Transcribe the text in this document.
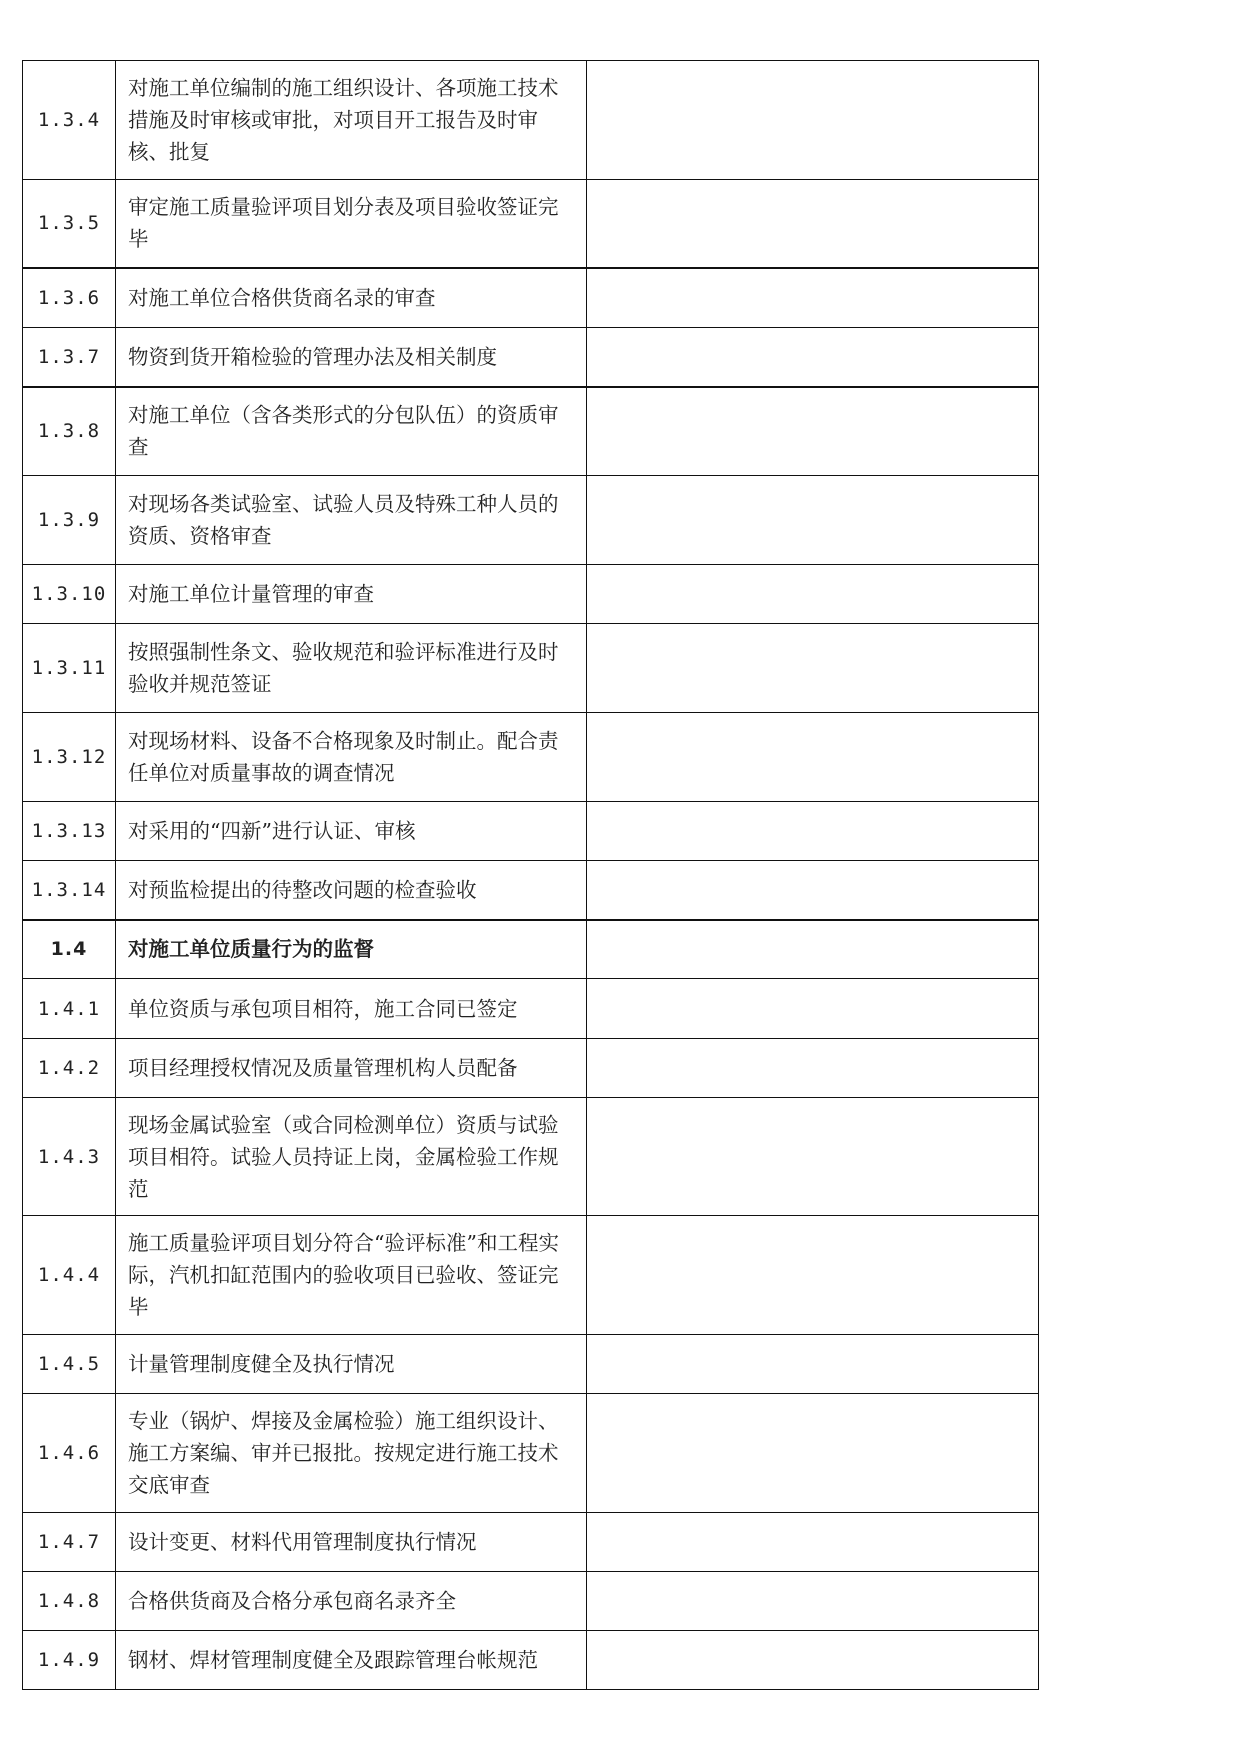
1.3.4	对施工单位编制的施工组织设计、各项施工技术措施及时审核或审批，对项目开工报告及时审核、批复	
1.3.5	审定施工质量验评项目划分表及项目验收签证完毕	
1.3.6	对施工单位合格供货商名录的审查	
1.3.7	物资到货开箱检验的管理办法及相关制度	
1.3.8	对施工单位（含各类形式的分包队伍）的资质审查	
1.3.9	对现场各类试验室、试验人员及特殊工种人员的资质、资格审查	
1.3.10	对施工单位计量管理的审查	
1.3.11	按照强制性条文、验收规范和验评标准进行及时验收并规范签证	
1.3.12	对现场材料、设备不合格现象及时制止。配合责任单位对质量事故的调查情况	
1.3.13	对采用的“四新”进行认证、审核	
1.3.14	对预监检提出的待整改问题的检查验收	
1.4	对施工单位质量行为的监督	
1.4.1	单位资质与承包项目相符，施工合同已签定	
1.4.2	项目经理授权情况及质量管理机构人员配备	
1.4.3	现场金属试验室（或合同检测单位）资质与试验项目相符。试验人员持证上岗，金属检验工作规范	
1.4.4	施工质量验评项目划分符合“验评标准”和工程实际，汽机扣缸范围内的验收项目已验收、签证完毕	
1.4.5	计量管理制度健全及执行情况	
1.4.6	专业（锅炉、焊接及金属检验）施工组织设计、施工方案编、审并已报批。按规定进行施工技术交底审查	
1.4.7	设计变更、材料代用管理制度执行情况	
1.4.8	合格供货商及合格分承包商名录齐全	
1.4.9	钢材、焊材管理制度健全及跟踪管理台帐规范	
